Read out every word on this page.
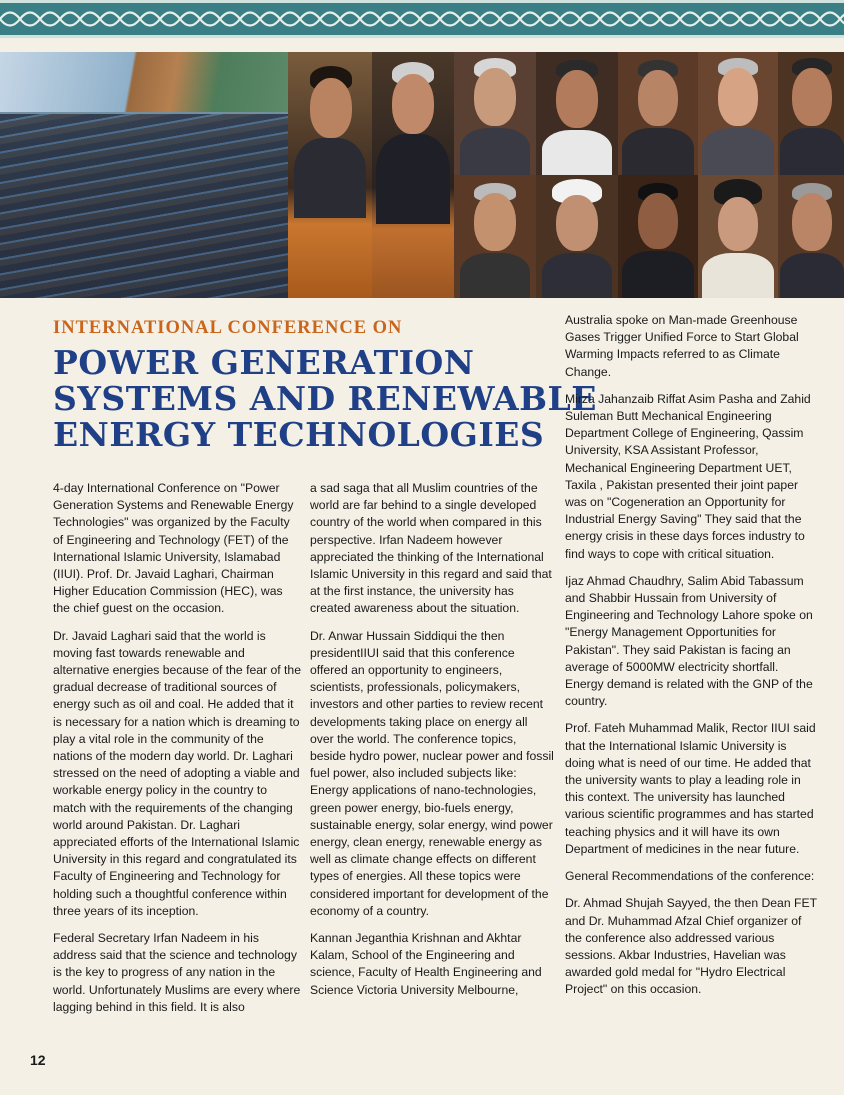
INTERNATIONAL CONFERENCE ON
POWER GENERATION
SYSTEMS AND RENEWABLE
ENERGY TECHNOLOGIES

4-day International Conference on "Power Generation Systems and Renewable Energy Technologies" was organized by the Faculty of Engineering and Technology (FET) of the International Islamic University, Islamabad (IIUI). Prof. Dr. Javaid Laghari, Chairman Higher Education Commission (HEC), was the chief guest on the occasion.

Dr. Javaid Laghari said that the world is moving fast towards renewable and alternative energies because of the fear of the gradual decrease of traditional sources of energy such as oil and coal. He added that it is necessary for a nation which is dreaming to play a vital role in the community of the nations of the modern day world. Dr. Laghari stressed on the need of adopting a viable and workable energy policy in the country to match with the requirements of the changing world around Pakistan. Dr. Laghari appreciated efforts of the International Islamic University in this regard and congratulated its Faculty of Engineering and Technology for holding such a thoughtful conference within three years of its inception.

Federal Secretary Irfan Nadeem in his address said that the science and technology is the key to progress of any nation in the world. Unfortunately Muslims are every where lagging behind in this field. It is also

a sad saga that all Muslim countries of the world are far behind to a single developed country of the world when compared in this perspective. Irfan Nadeem however appreciated the thinking of the International Islamic University in this regard and said that at the first instance, the university has created awareness about the situation.

Dr. Anwar Hussain Siddiqui the then presidentIIUI said that this conference offered an opportunity to engineers, scientists, professionals, policymakers, investors and other parties to review recent developments taking place on energy all over the world. The conference topics, beside hydro power, nuclear power and fossil fuel power, also included subjects like: Energy applications of nano-technologies, green power energy, bio-fuels energy, sustainable energy, solar energy, wind power energy, clean energy, renewable energy as well as climate change effects on different types of energies. All these topics were considered important for development of the economy of a country.

Kannan Jeganthia Krishnan and Akhtar Kalam, School of the Engineering and science, Faculty of Health Engineering and Science Victoria University Melbourne,

Australia spoke on Man-made Greenhouse Gases Trigger Unified Force to Start Global Warming Impacts referred to as Climate Change.

Mirza Jahanzaib Riffat Asim Pasha and Zahid Suleman Butt Mechanical Engineering Department College of Engineering, Qassim University, KSA Assistant Professor, Mechanical Engineering Department UET, Taxila , Pakistan presented their joint paper was on "Cogeneration an Opportunity for Industrial Energy Saving" They said that the energy crisis in these days forces industry to find ways to cope with critical situation.

Ijaz Ahmad Chaudhry, Salim Abid Tabassum and Shabbir Hussain from University of Engineering and Technology Lahore spoke on "Energy Management Opportunities for Pakistan". They said Pakistan is facing an average of 5000MW electricity shortfall. Energy demand is related with the GNP of the country.

Prof. Fateh Muhammad Malik, Rector IIUI said that the International Islamic University is doing what is need of our time. He added that the university wants to play a leading role in this context. The university has launched various scientific programmes and has started teaching physics and it will have its own Department of medicines in the near future.

General Recommendations of the conference:

Dr. Ahmad Shujah Sayyed, the then Dean FET and Dr. Muhammad Afzal Chief organizer of the conference also addressed various sessions. Akbar Industries, Havelian was awarded gold medal for "Hydro Electrical Project" on this occasion.

12
